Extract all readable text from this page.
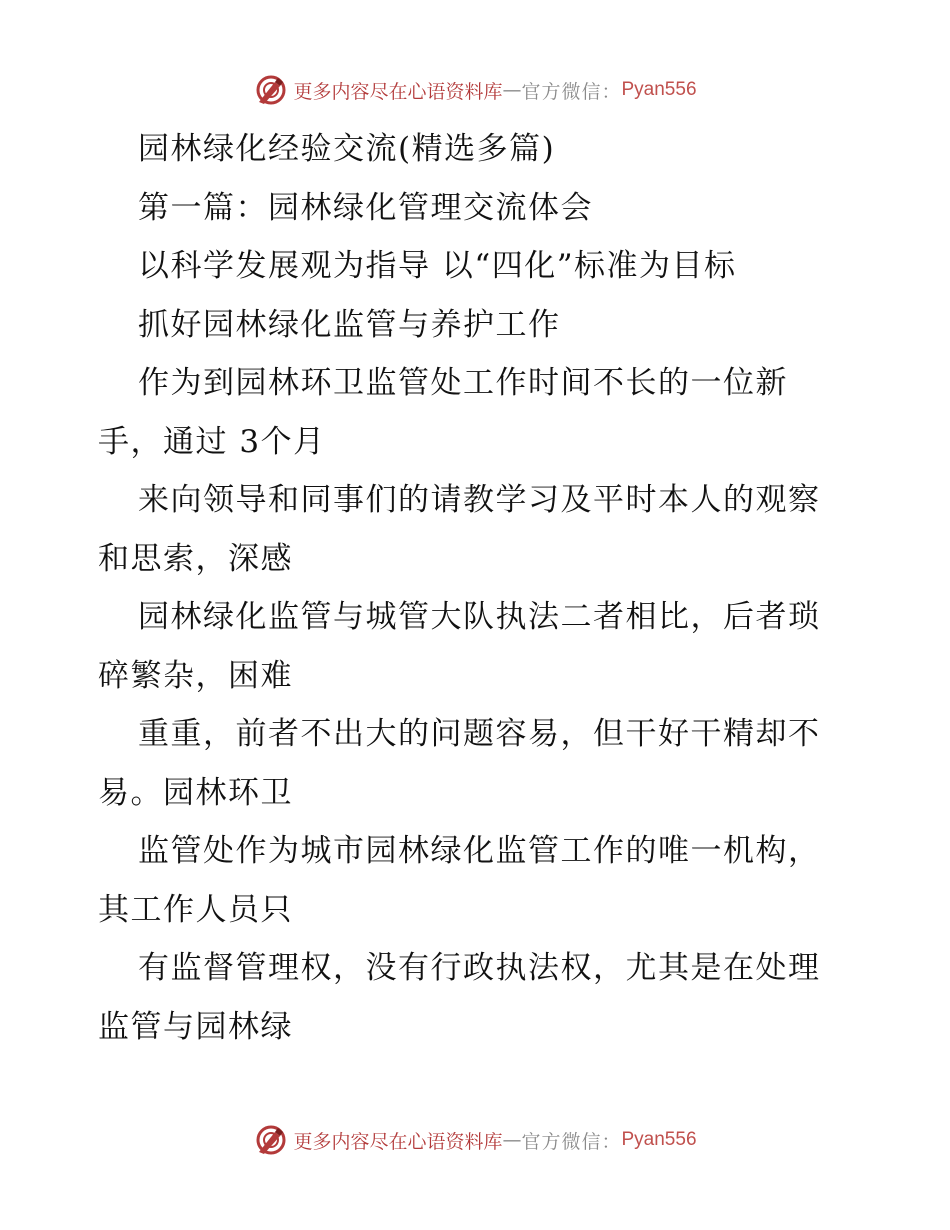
更多内容尽在心语资料库 — 官方微信： Pyan556
园林绿化经验交流(精选多篇)
第一篇：园林绿化管理交流体会
以科学发展观为指导 以“四化”标准为目标
抓好园林绿化监管与养护工作
作为到园林环卫监管处工作时间不长的一位新
手，通过 3个月
来向领导和同事们的请教学习及平时本人的观察
和思索，深感
园林绿化监管与城管大队执法二者相比，后者琐
碎繁杂，困难
重重，前者不出大的问题容易，但干好干精却不
易。园林环卫
监管处作为城市园林绿化监管工作的唯一机构，
其工作人员只
有监督管理权，没有行政执法权，尤其是在处理
监管与园林绿
更多内容尽在心语资料库 — 官方微信： Pyan556
